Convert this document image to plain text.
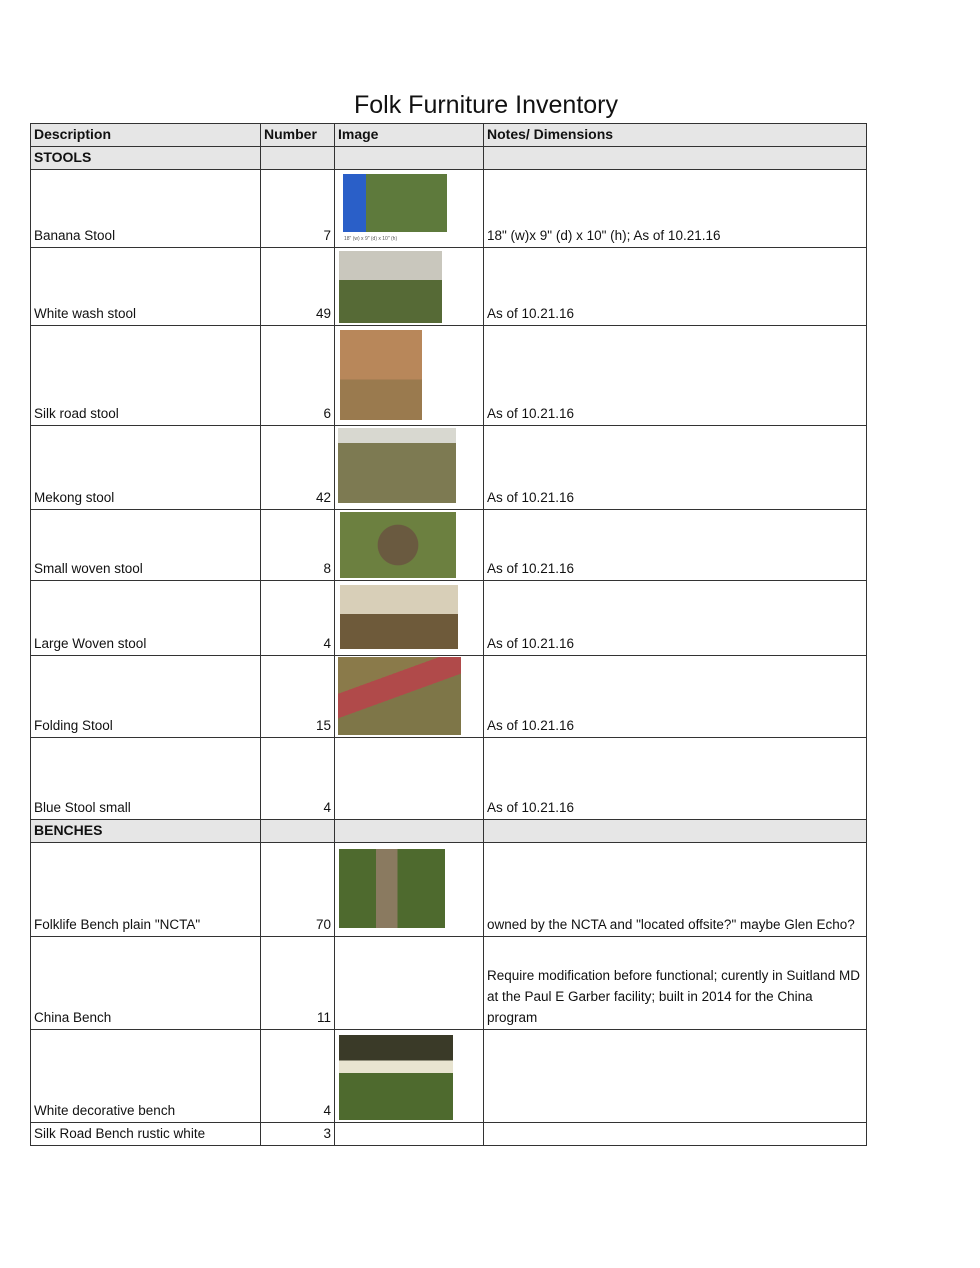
Folk Furniture Inventory
Description	Number	Image	Notes/ Dimensions
STOOLS			
Banana Stool	7	18" (w) x 9" (d) x 10" (h)	18" (w)x 9" (d) x 10" (h); As of 10.21.16
White wash stool	49		As of 10.21.16
Silk road stool	6		As of 10.21.16
Mekong stool	42		As of 10.21.16
Small woven stool	8		As of 10.21.16
Large Woven stool	4		As of 10.21.16
Folding Stool	15		As of 10.21.16
Blue Stool small	4		As of 10.21.16
BENCHES			
Folklife Bench plain "NCTA"	70		owned by the NCTA and "located offsite?" maybe Glen Echo?
China Bench	11		Require modification before functional; curently in Suitland MD at the Paul E Garber facility; built in 2014 for the China program
White decorative bench	4	

Silk Road Bench rustic white	3		
